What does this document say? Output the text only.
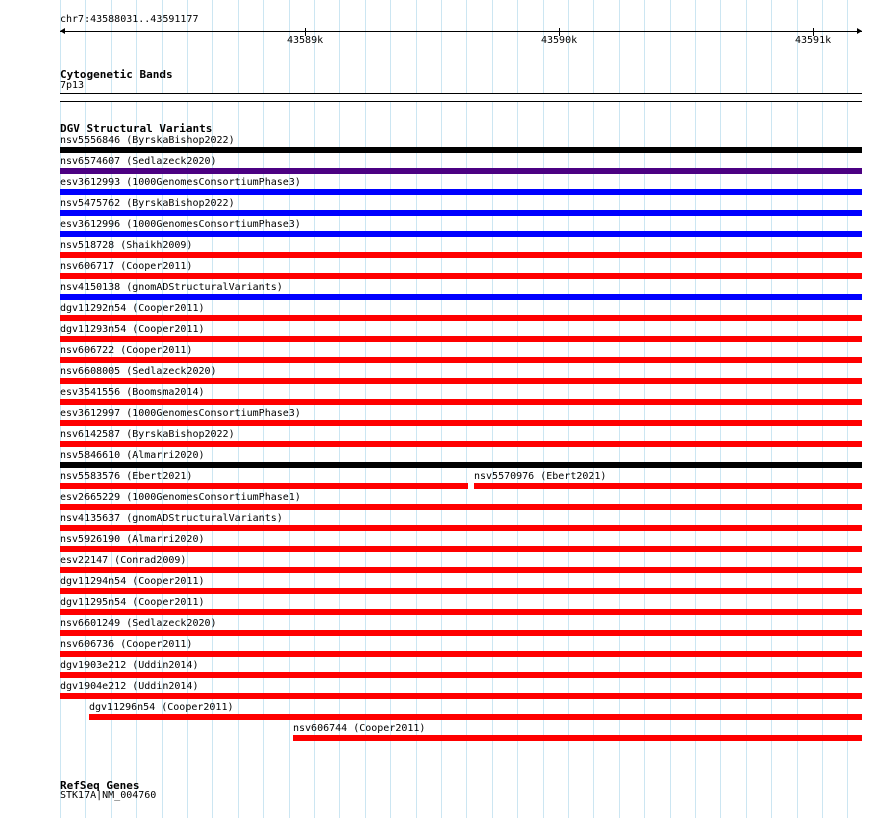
chr7:43588031..43591177
43589k	43590k	43591k
Cytogenetic Bands
7p13
DGV Structural Variants
nsv5556846 (ByrskaBishop2022)
nsv6574607 (Sedlazeck2020)
esv3612993 (1000GenomesConsortiumPhase3)
nsv5475762 (ByrskaBishop2022)
esv3612996 (1000GenomesConsortiumPhase3)
nsv518728 (Shaikh2009)
nsv606717 (Cooper2011)
nsv4150138 (gnomADStructuralVariants)
dgv11292n54 (Cooper2011)
dgv11293n54 (Cooper2011)
nsv606722 (Cooper2011)
nsv6608005 (Sedlazeck2020)
esv3541556 (Boomsma2014)
esv3612997 (1000GenomesConsortiumPhase3)
nsv6142587 (ByrskaBishop2022)
nsv5846610 (Almarri2020)
nsv5583576 (Ebert2021)	nsv5570976 (Ebert2021)
esv2665229 (1000GenomesConsortiumPhase1)
nsv4135637 (gnomADStructuralVariants)
nsv5926190 (Almarri2020)
esv22147 (Conrad2009)
dgv11294n54 (Cooper2011)
dgv11295n54 (Cooper2011)
nsv6601249 (Sedlazeck2020)
nsv606736 (Cooper2011)
dgv1903e212 (Uddin2014)
dgv1904e212 (Uddin2014)
dgv11296n54 (Cooper2011)
nsv606744 (Cooper2011)
RefSeq Genes
STK17A|NM_004760
